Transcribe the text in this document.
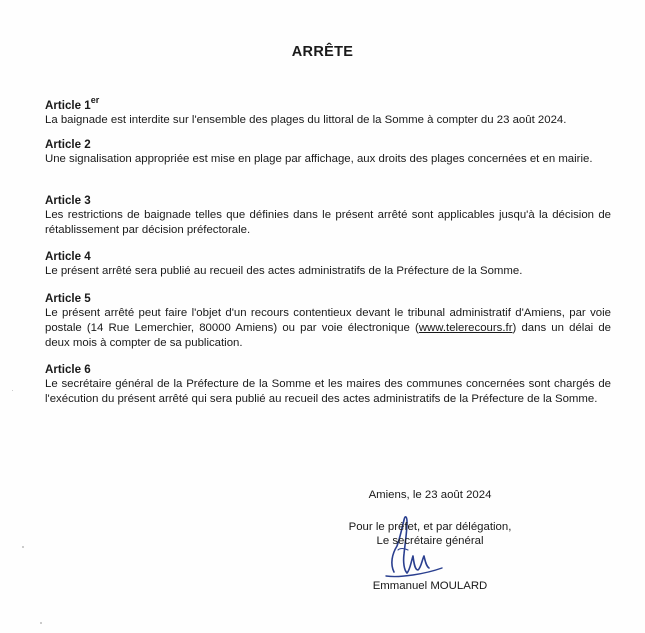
ARRÊTE
Article 1er
La baignade est interdite sur l'ensemble des plages du littoral de la Somme à compter du 23 août 2024.
Article 2
Une signalisation appropriée est mise en plage par affichage, aux droits des plages concernées et en mairie.
Article 3
Les restrictions de baignade telles que définies dans le présent arrêté sont applicables jusqu'à la décision de rétablissement par décision préfectorale.
Article 4
Le présent arrêté sera publié au recueil des actes administratifs de la Préfecture de la Somme.
Article 5
Le présent arrêté peut faire l'objet d'un recours contentieux devant le tribunal administratif d'Amiens, par voie postale (14 Rue Lemerchier, 80000 Amiens) ou par voie électronique (www.telerecours.fr) dans un délai de deux mois à compter de sa publication.
Article 6
Le secrétaire général de la Préfecture de la Somme et les maires des communes concernées sont chargés de l'exécution du présent arrêté qui sera publié au recueil des actes administratifs de la Préfecture de la Somme.
Amiens, le 23 août 2024
Pour le préfet, et par délégation,
Le secrétaire général
Emmanuel MOULARD
